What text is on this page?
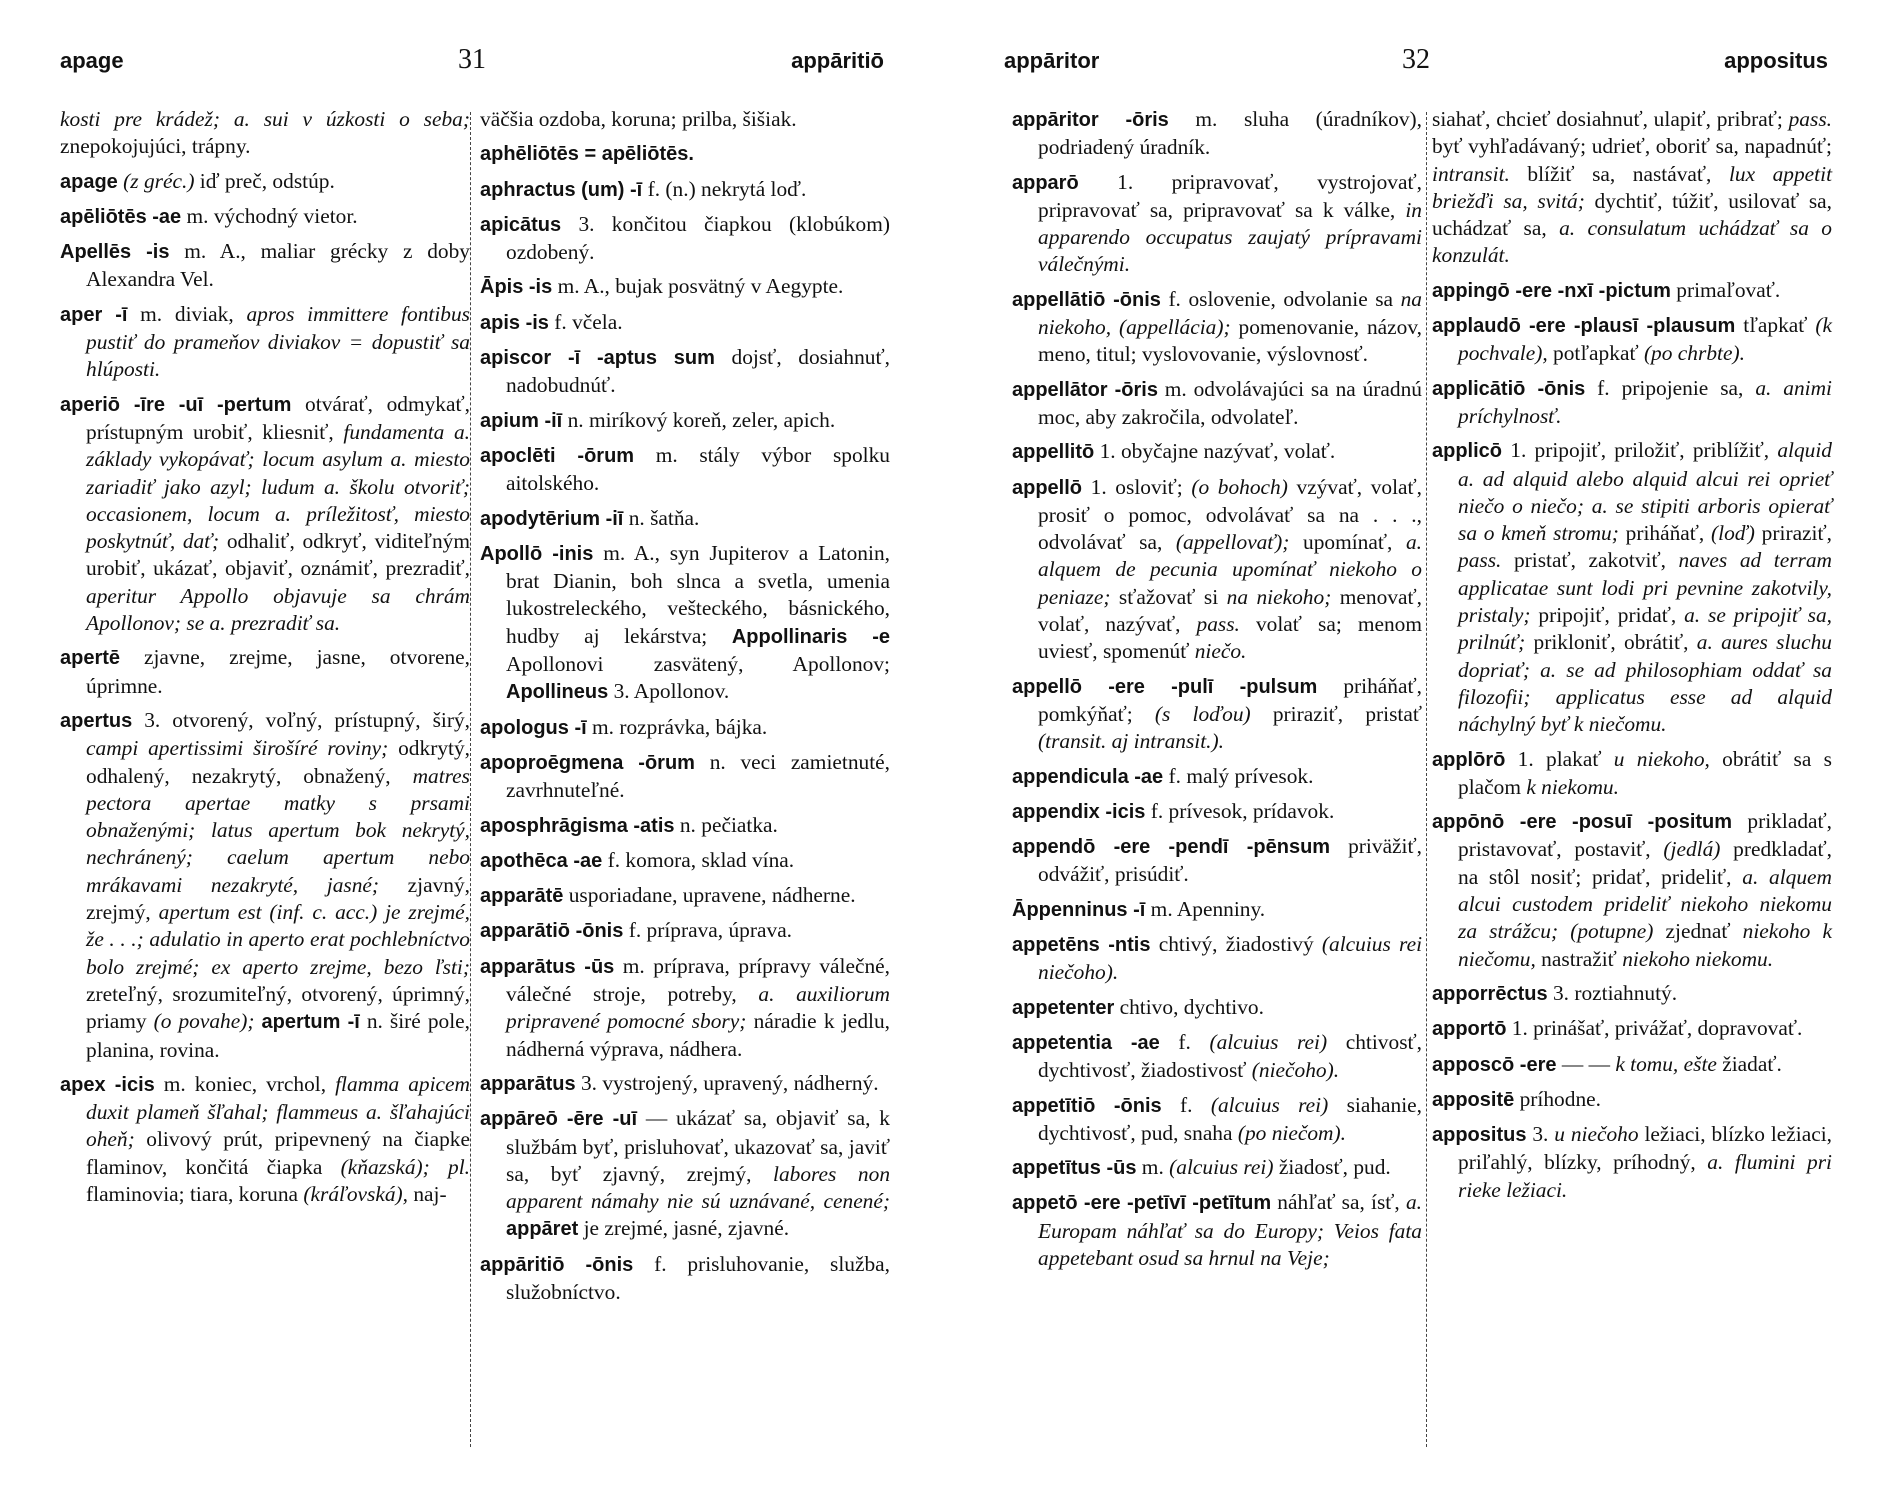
apage	31	appāritiō
kosti pre krádež; a. sui v úzkosti o seba; znepokojujúci, trápny.
apage (z gréc.) iď preč, odstúp.
apēliōtēs -ae m. východný vietor.
Apellēs -is m. A., maliar grécky z doby Alexandra Vel.
aper -ī m. diviak, apros immittere fontibus pustiť do prameňov diviakov = dopustiť sa hlúposti.
aperiō -īre -uī -pertum otvárať, odmykať, prístupným urobiť, kliesniť, fundamenta a. základy vykopávať; locum asylum a. miesto zariadiť jako azyl; ludum a. školu otvoriť; occasionem, locum a. príležitosť, miesto poskytnúť, dať; odhaliť, odkryť, viditeľným urobiť, ukázať, objaviť, oznámiť, prezradiť, aperitur Appollo objavuje sa chrám Apollonov; se a. prezradiť sa.
apertē zjavne, zrejme, jasne, otvorene, úprimne.
apertus 3. otvorený, voľný, prístupný, širý, campi apertissimi širošíré roviny; odkrytý, odhalený, nezakrytý, obnažený, matres pectora apertae matky s prsami obnaženými; latus apertum bok nekrytý, nechránený; caelum apertum nebo mrákavami nezakryté, jasné; zjavný, zrejmý, apertum est (inf. c. acc.) je zrejmé, že . . .; adulatio in aperto erat pochlebníctvo bolo zrejmé; ex aperto zrejme, bezo ľsti; zreteľný, srozumiteľný, otvorený, úprimný, priamy (o povahe); apertum -ī n. širé pole, planina, rovina.
apex -icis m. koniec, vrchol, flamma apicem duxit plameň šľahal; flammeus a. šľahajúci oheň; olivový prút, pripevnený na čiapke flaminov, končitá čiapka (kňazská); pl. flaminovia; tiara, koruna (kráľovská), naj-
väčšia ozdoba, koruna; prilba, šišiak.
aphēliōtēs = apēliōtēs.
aphractus (um) -ī f. (n.) nekrytá loď.
apicātus 3. končitou čiapkou (klobúkom) ozdobený.
Āpis -is m. A., bujak posvätný v Aegypte.
apis -is f. včela.
apiscor -ī -aptus sum dojsť, dosiahnuť, nadobudnúť.
apium -iī n. miríkový koreň, zeler, apich.
apoclēti -ōrum m. stály výbor spolku aitolského.
apodytērium -iī n. šatňa.
Apollō -inis m. A., syn Jupiterov a Latonin, brat Dianin, boh slnca a svetla, umenia lukostreleckého, vešteckého, básnického, hudby aj lekárstva; Appollinaris -e Apollonovi zasvätený, Apollonov; Apollineus 3. Apollonov.
apologus -ī m. rozprávka, bájka.
apoproēgmena -ōrum n. veci zamietnuté, zavrhnuteľné.
aposphrāgisma -atis n. pečiatka.
apothēca -ae f. komora, sklad vína.
apparātē usporiadane, upravene, nádherne.
apparātiō -ōnis f. príprava, úprava.
apparātus -ūs m. príprava, prípravy válečné, válečné stroje, potreby, a. auxiliorum pripravené pomocné sbory; náradie k jedlu, nádherná výprava, nádhera.
apparātus 3. vystrojený, upravený, nádherný.
appāreō -ēre -uī — ukázať sa, objaviť sa, k službám byť, prisluhovať, ukazovať sa, javiť sa, byť zjavný, zrejmý, labores non apparent námahy nie sú uznávané, cenené; appāret je zrejmé, jasné, zjavné.
appāritiō -ōnis f. prisluhovanie, služba, služobníctvo.
appāritor	32	appositus
appāritor -ōris m. sluha (úradníkov), podriadený úradník.
apparō 1. pripravovať, vystrojovať, pripravovať sa, pripravovať sa k válke, in apparendo occupatus zaujatý prípravami válečnými.
appellātiō -ōnis f. oslovenie, odvolanie sa na niekoho, (appellácia); pomenovanie, názov, meno, titul; vyslovovanie, výslovnosť.
appellātor -ōris m. odvolávajúci sa na úradnú moc, aby zakročila, odvolateľ.
appellitō 1. obyčajne nazývať, volať.
appellō 1. osloviť; (o bohoch) vzývať, volať, prosiť o pomoc, odvolávať sa na . . ., odvolávať sa, (appellovať); upomínať, a. alquem de pecunia upomínať niekoho o peniaze; sťažovať si na niekoho; menovať, volať, nazývať, pass. volať sa; menom uviesť, spomenúť niečo.
appellō -ere -pulī -pulsum priháňať, pomkýňať; (s loďou) priraziť, pristať (transit. aj intransit.).
appendicula -ae f. malý prívesok.
appendix -icis f. prívesok, prídavok.
appendō -ere -pendī -pēnsum priväžiť, odvážiť, prisúdiť.
Āppenninus -ī m. Apenniny.
appetēns -ntis chtivý, žiadostivý (alcuius rei niečoho).
appetenter chtivo, dychtivo.
appetentia -ae f. (alcuius rei) chtivosť, dychtivosť, žiadostivosť (niečoho).
appetītiō -ōnis f. (alcuius rei) siahanie, dychtivosť, pud, snaha (po niečom).
appetītus -ūs m. (alcuius rei) žiadosť, pud.
appetō -ere -petīvī -petītum náhľať sa, ísť, a. Europam náhľať sa do Europy; Veios fata appetebant osud sa hrnul na Veje;
siahať, chcieť dosiahnuť, ulapiť, pribrať; pass. byť vyhľadávaný; udrieť, oboriť sa, napadnúť; intransit. blížiť sa, nastávať, lux appetit briežďi sa, svitá; dychtiť, túžiť, usilovať sa, uchádzať sa, a. consulatum uchádzať sa o konzulát.
appingō -ere -nxī -pictum primaľovať.
applaudō -ere -plausī -plausum tľapkať (k pochvale), potľapkať (po chrbte).
applicātiō -ōnis f. pripojenie sa, a. animi príchylnosť.
applicō 1. pripojiť, priložiť, priblížiť, alquid a. ad alquid alebo alquid alcui rei oprieť niečo o niečo; a. se stipiti arboris opierať sa o kmeň stromu; priháňať, (loď) priraziť, pass. pristať, zakotviť, naves ad terram applicatae sunt lodi pri pevnine zakotvily, pristaly; pripojiť, pridať, a. se pripojiť sa, prilnúť; prikloniť, obrátiť, a. aures sluchu dopriať; a. se ad philosophiam oddať sa filozofii; applicatus esse ad alquid náchylný byť k niečomu.
applōrō 1. plakať u niekoho, obrátiť sa s plačom k niekomu.
appōnō -ere -posuī -positum prikladať, pristavovať, postaviť, (jedlá) predkladať, na stôl nosiť; pridať, prideliť, a. alquem alcui custodem prideliť niekoho niekomu za strážcu; (potupne) zjednať niekoho k niečomu, nastražiť niekoho niekomu.
apporrēctus 3. roztiahnutý.
apportō 1. prinášať, privážať, dopravovať.
apposcō -ere — — k tomu, ešte žiadať.
appositē príhodne.
appositus 3. u niečoho ležiaci, blízko ležiaci, priľahlý, blízky, príhodný, a. flumini pri rieke ležiaci.
